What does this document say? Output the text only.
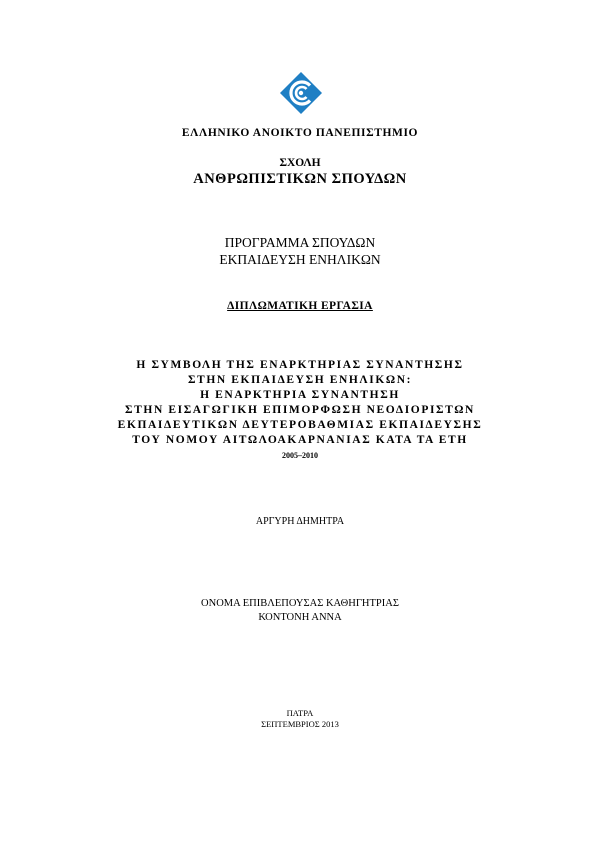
ΕΛΛΗΝΙΚΟ ΑΝΟΙΚΤΟ ΠΑΝΕΠΙΣΤΗΜΙΟ
ΣΧΟΛΗ
ΑΝΘΡΩΠΙΣΤΙΚΩΝ ΣΠΟΥΔΩΝ
ΠΡΟΓΡΑΜΜΑ ΣΠΟΥΔΩΝ
ΕΚΠΑΙΔΕΥΣΗ ΕΝΗΛΙΚΩΝ
ΔΙΠΛΩΜΑΤΙΚΗ ΕΡΓΑΣΙΑ
Η ΣΥΜΒΟΛΗ ΤΗΣ ΕΝΑΡΚΤΗΡΙΑΣ ΣΥΝΑΝΤΗΣΗΣ
ΣΤΗΝ ΕΚΠΑΙΔΕΥΣΗ ΕΝΗΛΙΚΩΝ:
Η ΕΝΑΡΚΤΗΡΙΑ ΣΥΝΑΝΤΗΣΗ
ΣΤΗΝ ΕΙΣΑΓΩΓΙΚΗ ΕΠΙΜΟΡΦΩΣΗ ΝΕΟΔΙΟΡΙΣΤΩΝ
ΕΚΠΑΙΔΕΥΤΙΚΩΝ ΔΕΥΤΕΡΟΒΑΘΜΙΑΣ ΕΚΠΑΙΔΕΥΣΗΣ
ΤΟΥ ΝΟΜΟΥ ΑΙΤΩΛΟΑΚΑΡΝΑΝΙΑΣ ΚΑΤΑ ΤΑ ΕΤΗ
2005–2010
ΑΡΓΥΡΗ ΔΗΜΗΤΡΑ
ΟΝΟΜΑ ΕΠΙΒΛΕΠΟΥΣΑΣ ΚΑΘΗΓΗΤΡΙΑΣ
ΚΟΝΤΟΝΗ ΑΝΝΑ
ΠΑΤΡΑ
ΣΕΠΤΕΜΒΡΙΟΣ 2013
